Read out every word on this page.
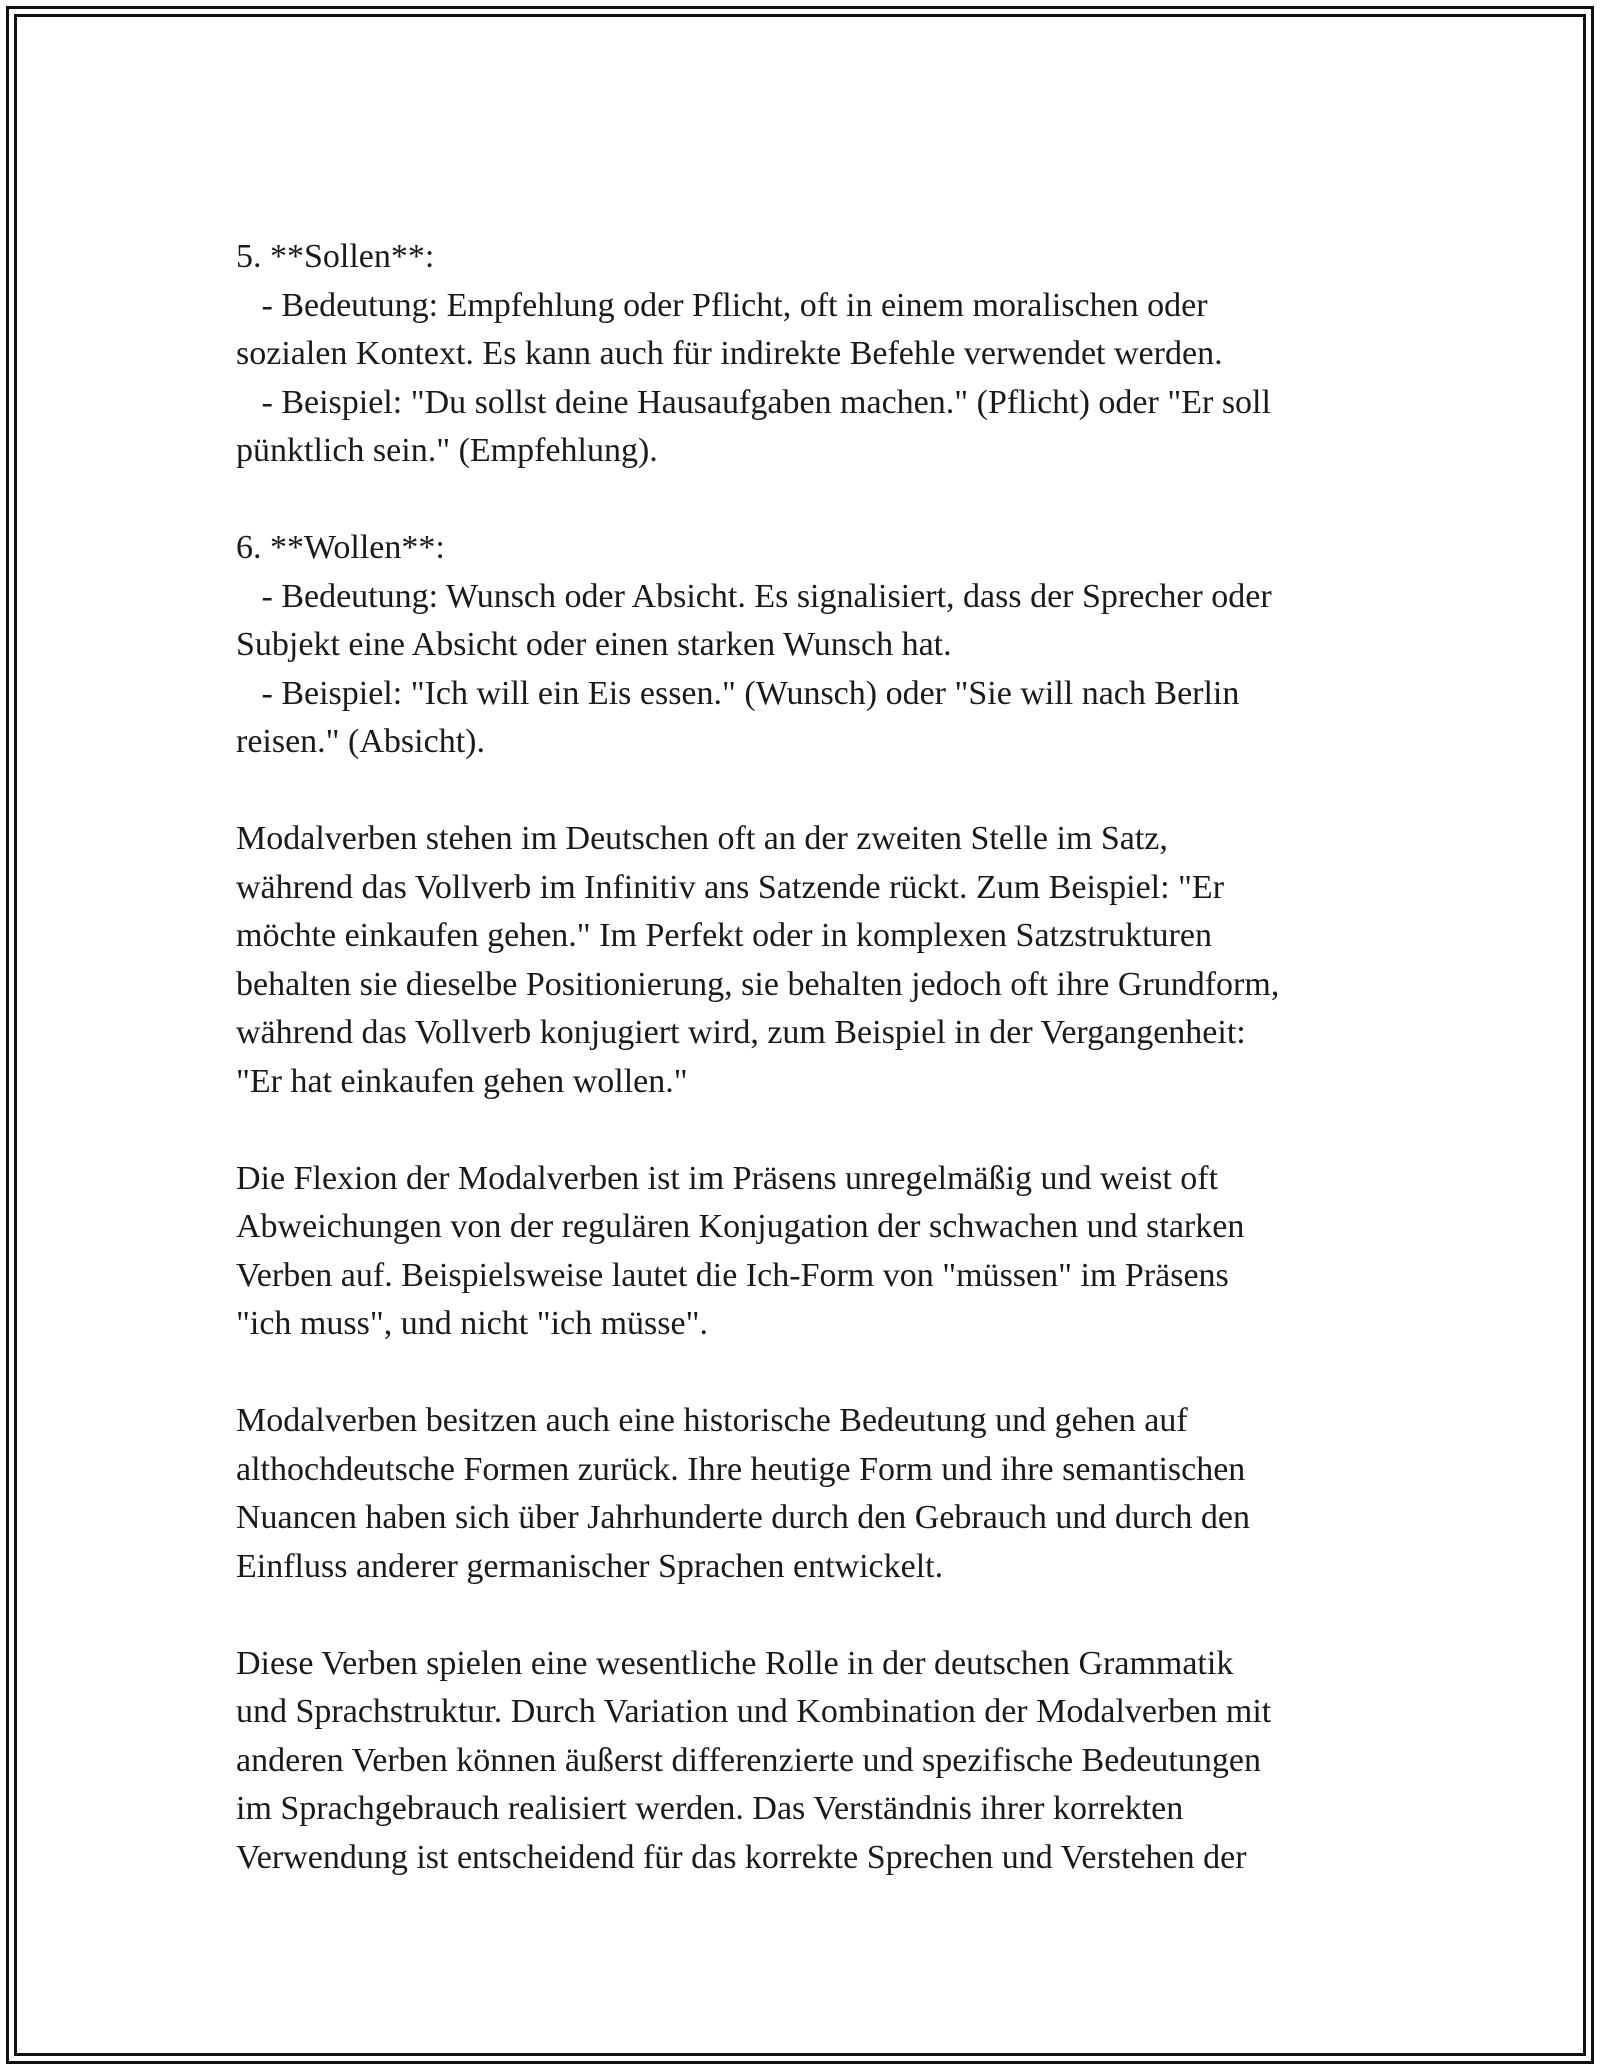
5. **Sollen**:
- Bedeutung: Empfehlung oder Pflicht, oft in einem moralischen oder
sozialen Kontext. Es kann auch für indirekte Befehle verwendet werden.
- Beispiel: "Du sollst deine Hausaufgaben machen." (Pflicht) oder "Er soll
pünktlich sein." (Empfehlung).
6. **Wollen**:
- Bedeutung: Wunsch oder Absicht. Es signalisiert, dass der Sprecher oder
Subjekt eine Absicht oder einen starken Wunsch hat.
- Beispiel: "Ich will ein Eis essen." (Wunsch) oder "Sie will nach Berlin
reisen." (Absicht).
Modalverben stehen im Deutschen oft an der zweiten Stelle im Satz,
während das Vollverb im Infinitiv ans Satzende rückt. Zum Beispiel: "Er
möchte einkaufen gehen." Im Perfekt oder in komplexen Satzstrukturen
behalten sie dieselbe Positionierung, sie behalten jedoch oft ihre Grundform,
während das Vollverb konjugiert wird, zum Beispiel in der Vergangenheit:
"Er hat einkaufen gehen wollen."
Die Flexion der Modalverben ist im Präsens unregelmäßig und weist oft
Abweichungen von der regulären Konjugation der schwachen und starken
Verben auf. Beispielsweise lautet die Ich-Form von "müssen" im Präsens
"ich muss", und nicht "ich müsse".
Modalverben besitzen auch eine historische Bedeutung und gehen auf
althochdeutsche Formen zurück. Ihre heutige Form und ihre semantischen
Nuancen haben sich über Jahrhunderte durch den Gebrauch und durch den
Einfluss anderer germanischer Sprachen entwickelt.
Diese Verben spielen eine wesentliche Rolle in der deutschen Grammatik
und Sprachstruktur. Durch Variation und Kombination der Modalverben mit
anderen Verben können äußerst differenzierte und spezifische Bedeutungen
im Sprachgebrauch realisiert werden. Das Verständnis ihrer korrekten
Verwendung ist entscheidend für das korrekte Sprechen und Verstehen der
